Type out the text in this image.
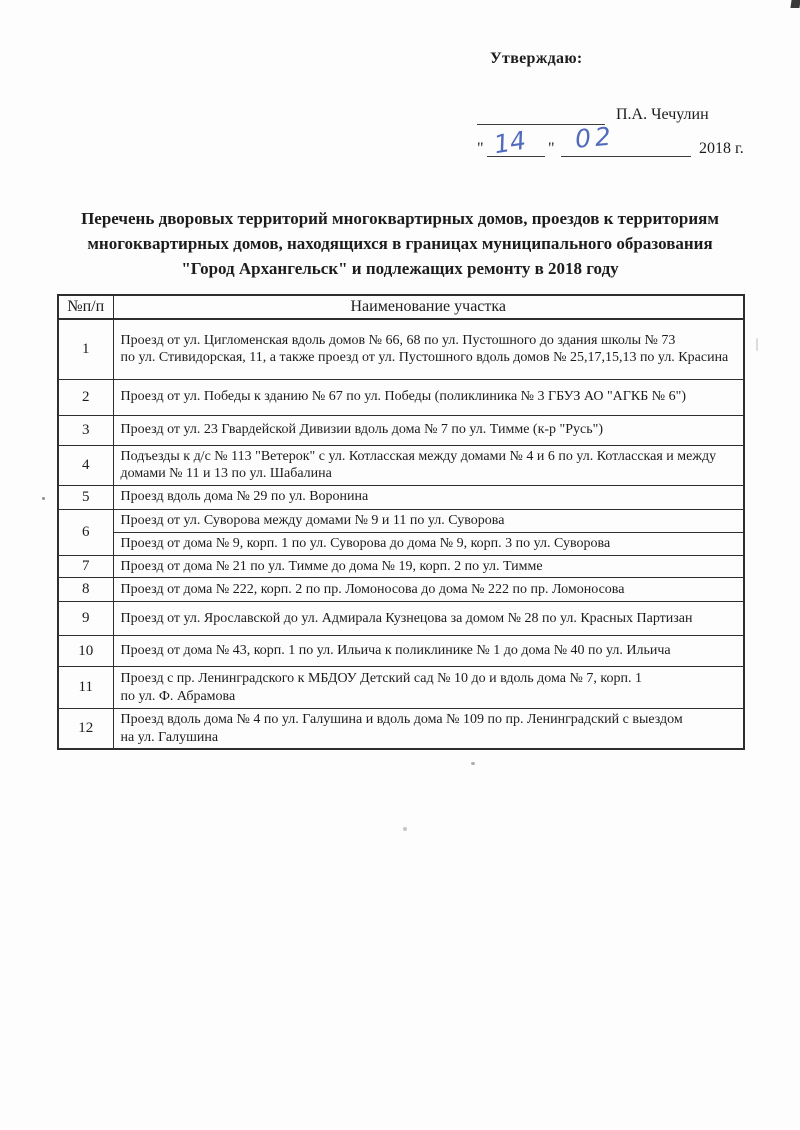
Утверждаю:
П.А. Чечулин
"	"	2018 г.
14 02
Перечень дворовых территорий многоквартирных домов, проездов к территориям
многоквартирных домов, находящихся в границах муниципального образования
"Город Архангельск" и подлежащих ремонту в 2018 году
№п/п	Наименование участка
1	Проезд от ул. Цигломенская вдоль домов № 66, 68 по ул. Пустошного до здания школы № 73
по ул. Стивидорская, 11, а также проезд от ул. Пустошного вдоль домов № 25,17,15,13 по ул. Красина

2	Проезд от ул. Победы к зданию № 67 по ул. Победы (поликлиника № 3 ГБУЗ АО "АГКБ № 6")

3	Проезд от ул. 23 Гвардейской Дивизии вдоль дома № 7 по ул. Тимме (к-р "Русь")

4	Подъезды к д/с № 113 "Ветерок" с ул. Котласская между домами № 4 и 6 по ул. Котласская и между
домами № 11 и 13 по ул. Шабалина

5	Проезд вдоль дома № 29 по ул. Воронина

6	Проезд от ул. Суворова между домами № 9 и 11 по ул. Суворова

	Проезд от дома № 9, корп. 1 по ул. Суворова до дома № 9, корп. 3 по ул. Суворова

7	Проезд от дома № 21 по ул. Тимме до дома № 19, корп. 2 по ул. Тимме

8	Проезд от дома № 222, корп. 2 по пр. Ломоносова до дома № 222 по пр. Ломоносова

9	Проезд от ул. Ярославской до ул. Адмирала Кузнецова за домом № 28 по ул. Красных Партизан

10	Проезд от дома № 43, корп. 1 по ул. Ильича к поликлинике № 1 до дома № 40 по ул. Ильича

11	Проезд с пр. Ленинградского к МБДОУ Детский сад № 10 до и вдоль дома № 7, корп. 1
по ул. Ф. Абрамова

12	Проезд вдоль дома № 4 по ул. Галушина и вдоль дома № 109 по пр. Ленинградский с выездом
на ул. Галушина
